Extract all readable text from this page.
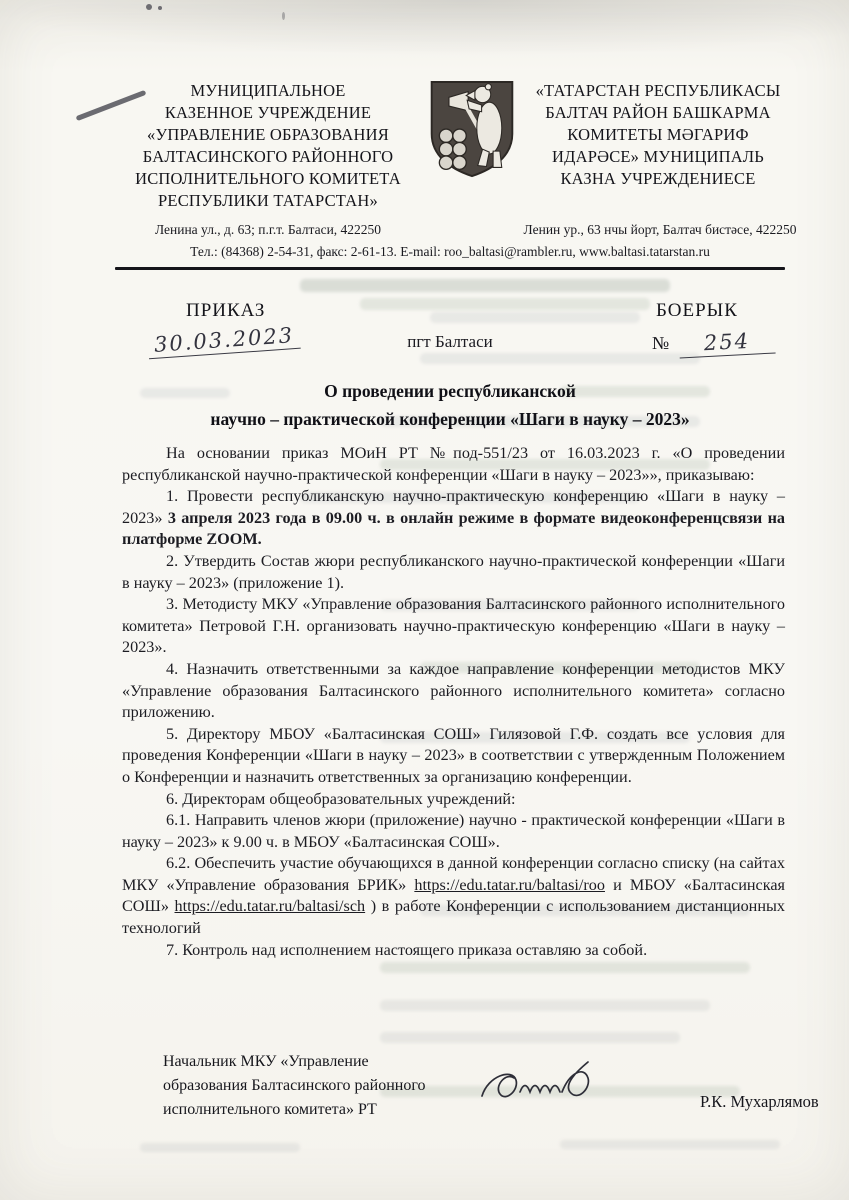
МУНИЦИПАЛЬНОЕ
КАЗЕННОЕ УЧРЕЖДЕНИЕ
«УПРАВЛЕНИЕ ОБРАЗОВАНИЯ
БАЛТАСИНСКОГО РАЙОННОГО
ИСПОЛНИТЕЛЬНОГО КОМИТЕТА
РЕСПУБЛИКИ ТАТАРСТАН»
«ТАТАРСТАН РЕСПУБЛИКАСЫ
БАЛТАЧ РАЙОН БАШКАРМА
КОМИТЕТЫ МӘГАРИФ
ИДАРӘСЕ» МУНИЦИПАЛЬ
КАЗНА УЧРЕЖДЕНИЕСЕ
Ленина ул., д. 63; п.г.т. Балтаси, 422250	Ленин ур., 63 нчы йорт, Балтач бистәсе, 422250
Тел.: (84368) 2-54-31, факс: 2-61-13. E-mail: roo_baltasi@rambler.ru, www.baltasi.tatarstan.ru
ПРИКАЗ	БОЕРЫК
30.03.2023	пгт Балтаси	№ 254
О проведении республиканской
научно – практической конференции «Шаги в науку – 2023»

На основании приказ МОиН РТ №под-551/23 от 16.03.2023 г. «О проведении республиканской научно-практической конференции «Шаги в науку – 2023»», приказываю:

1. Провести республиканскую научно-практическую конференцию «Шаги в науку – 2023» 3 апреля 2023 года в 09.00 ч. в онлайн режиме в формате видеоконференцсвязи на платформе ZOOM.

2. Утвердить Состав жюри республиканского научно-практической конференции «Шаги в науку – 2023» (приложение 1).

3. Методисту МКУ «Управление образования Балтасинского районного исполнительного комитета» Петровой Г.Н. организовать научно-практическую конференцию «Шаги в науку – 2023».

4. Назначить ответственными за каждое направление конференции методистов МКУ «Управление образования Балтасинского районного исполнительного комитета» согласно приложению.

5. Директору МБОУ «Балтасинская СОШ» Гилязовой Г.Ф. создать все условия для проведения Конференции «Шаги в науку – 2023» в соответствии с утвержденным Положением о Конференции и назначить ответственных за организацию конференции.

6. Директорам общеобразовательных учреждений:

6.1. Направить членов жюри (приложение) научно - практической конференции «Шаги в науку – 2023» к 9.00 ч. в МБОУ «Балтасинская СОШ».

6.2. Обеспечить участие обучающихся в данной конференции согласно списку (на сайтах МКУ «Управление образования БРИК» https://edu.tatar.ru/baltasi/roo и МБОУ «Балтасинская СОШ» https://edu.tatar.ru/baltasi/sch ) в работе Конференции с использованием дистанционных технологий

7. Контроль над исполнением настоящего приказа оставляю за собой.

Начальник МКУ «Управление
образования Балтасинского районного
исполнительного комитета» РТ	Р.К. Мухарлямов
